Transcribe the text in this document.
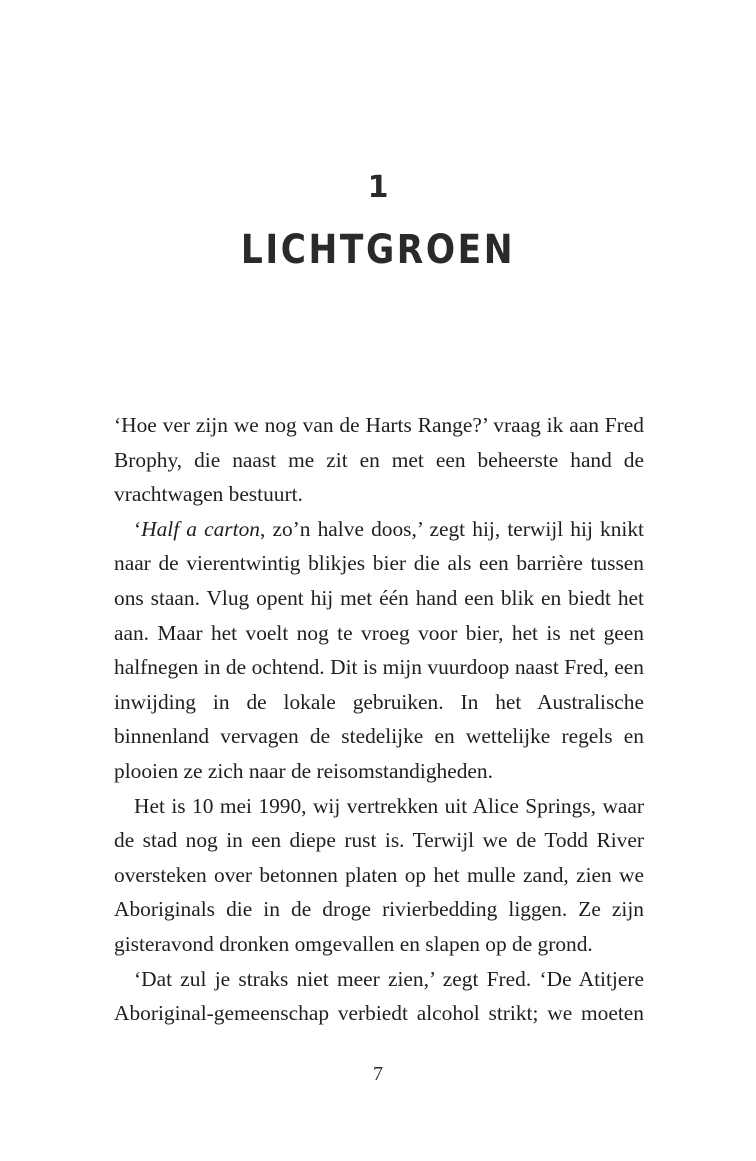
1
LICHTGROEN

‘Hoe ver zijn we nog van de Harts Range?’ vraag ik aan Fred Brophy, die naast me zit en met een beheerste hand de vrachtwagen bestuurt.

‘Half a carton, zo’n halve doos,’ zegt hij, terwijl hij knikt naar de vierentwintig blikjes bier die als een barrière tussen ons staan. Vlug opent hij met één hand een blik en biedt het aan. Maar het voelt nog te vroeg voor bier, het is net geen halfnegen in de ochtend. Dit is mijn vuurdoop naast Fred, een inwijding in de lokale gebruiken. In het Australische binnenland vervagen de stedelijke en wettelijke regels en plooien ze zich naar de reisomstandigheden.

Het is 10 mei 1990, wij vertrekken uit Alice Springs, waar de stad nog in een diepe rust is. Terwijl we de Todd River oversteken over betonnen platen op het mulle zand, zien we Aboriginals die in de droge rivierbedding liggen. Ze zijn gisteravond dronken omgevallen en slapen op de grond.

‘Dat zul je straks niet meer zien,’ zegt Fred. ‘De Atitjere Aboriginal-gemeenschap verbiedt alcohol strikt; we moeten

7
